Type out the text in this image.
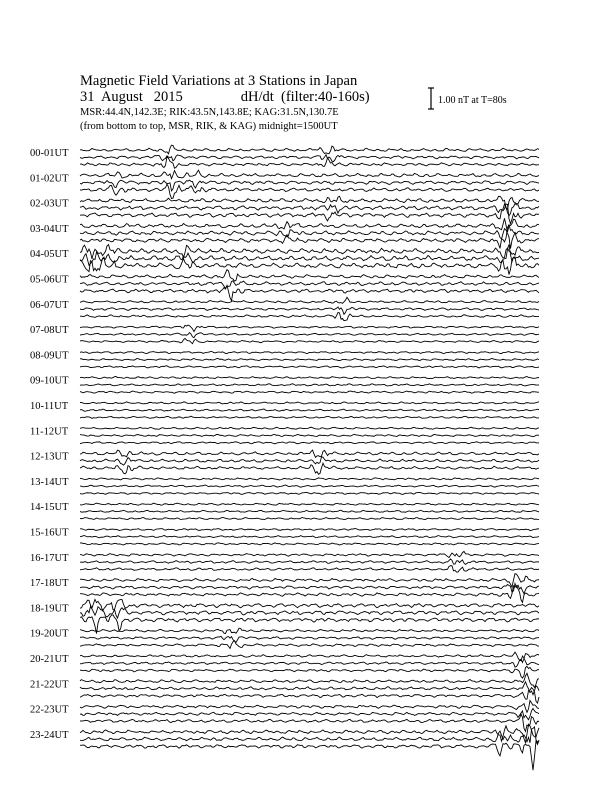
Magnetic Field Variations at 3 Stations in Japan
31  August   2015	dH/dt  (filter:40-160s)
MSR:44.4N,142.3E; RIK:43.5N,143.8E; KAG:31.5N,130.7E
(from bottom to top, MSR, RIK, & KAG) midnight=1500UT
1.00 nT at T=80s
00-01UT
01-02UT
02-03UT
03-04UT
04-05UT
05-06UT
06-07UT
07-08UT
08-09UT
09-10UT
10-11UT
11-12UT
12-13UT
13-14UT
14-15UT
15-16UT
16-17UT
17-18UT
18-19UT
19-20UT
20-21UT
21-22UT
22-23UT
23-24UT
